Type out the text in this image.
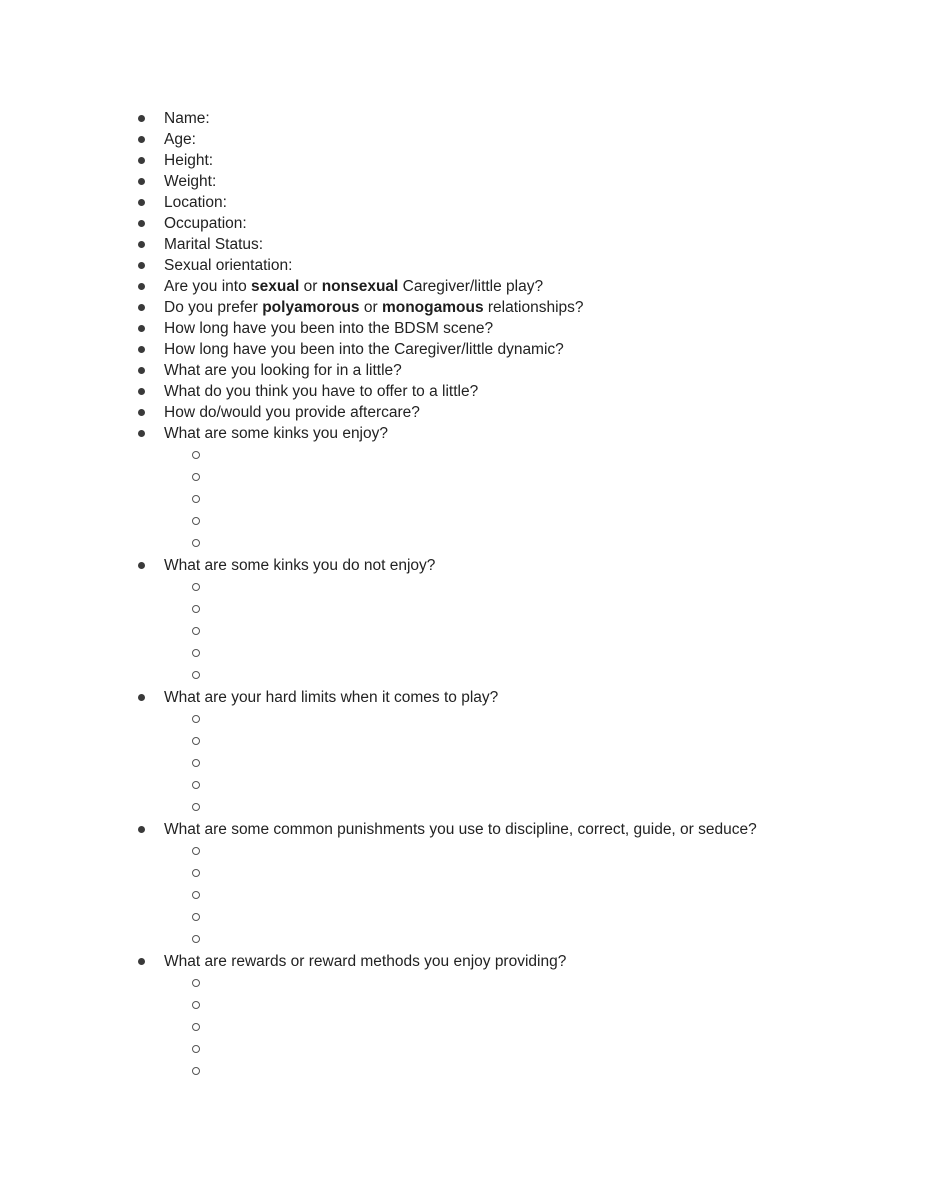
Name:
Age:
Height:
Weight:
Location:
Occupation:
Marital Status:
Sexual orientation:
Are you into sexual or nonsexual Caregiver/little play?
Do you prefer polyamorous or monogamous relationships?
How long have you been into the BDSM scene?
How long have you been into the Caregiver/little dynamic?
What are you looking for in a little?
What do you think you have to offer to a little?
How do/would you provide aftercare?
What are some kinks you enjoy?
What are some kinks you do not enjoy?
What are your hard limits when it comes to play?
What are some common punishments you use to discipline, correct, guide, or seduce?
What are rewards or reward methods you enjoy providing?
